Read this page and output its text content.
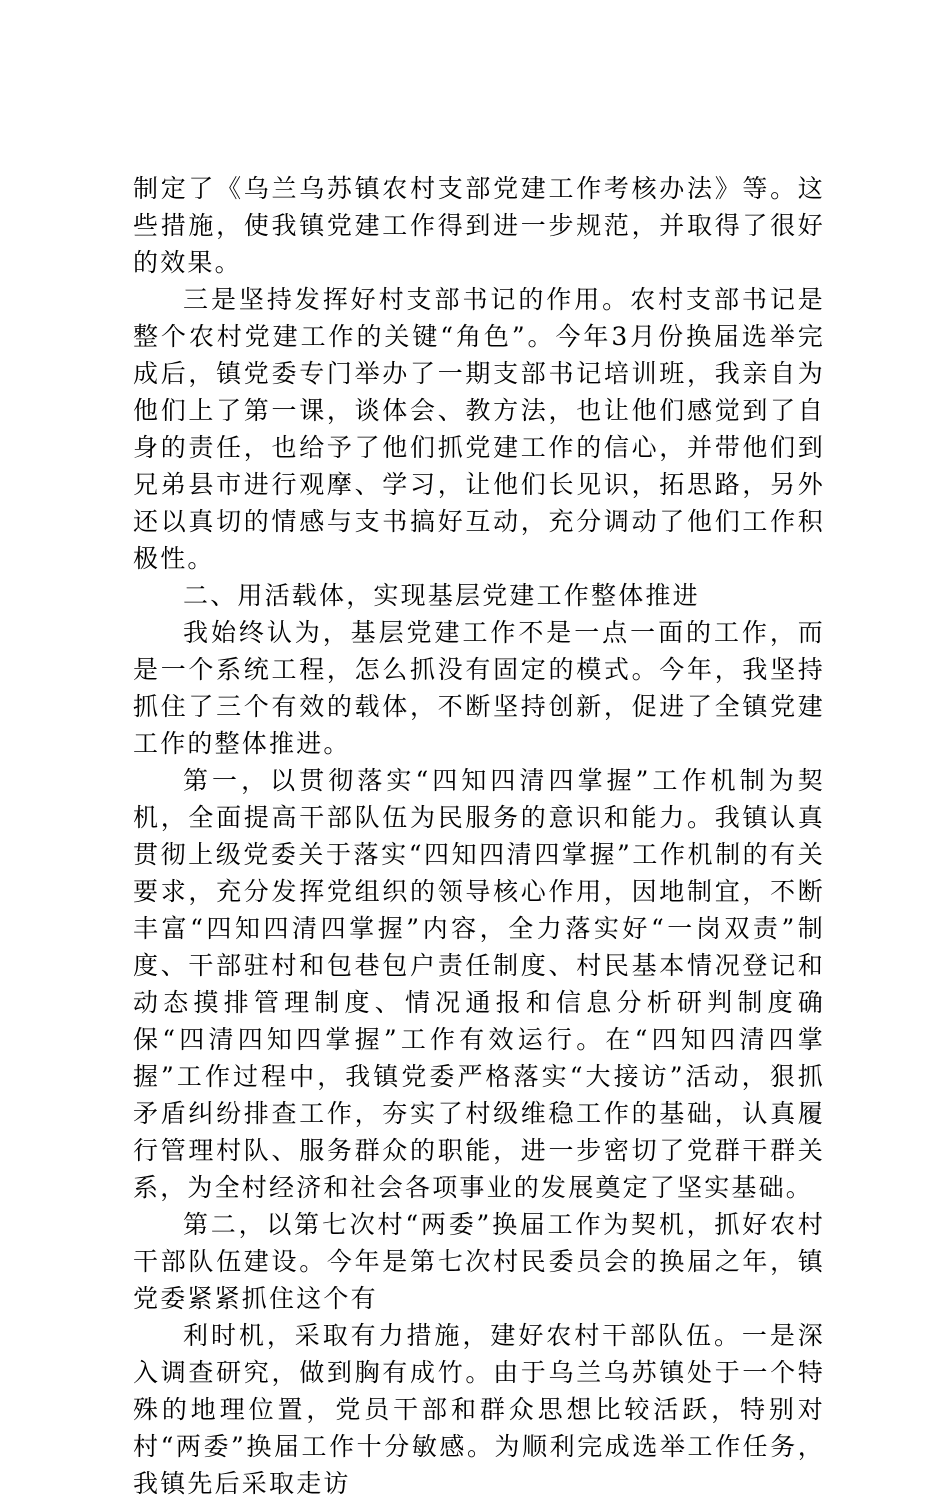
制定了《乌兰乌苏镇农村支部党建工作考核办法》等。这些措施，使我镇党建工作得到进一步规范，并取得了很好的效果。

三是坚持发挥好村支部书记的作用。农村支部书记是整个农村党建工作的关键“角色”。今年3月份换届选举完成后，镇党委专门举办了一期支部书记培训班，我亲自为他们上了第一课，谈体会、教方法，也让他们感觉到了自身的责任，也给予了他们抓党建工作的信心，并带他们到兄弟县市进行观摩、学习，让他们长见识，拓思路，另外还以真切的情感与支书搞好互动，充分调动了他们工作积极性。

二、用活载体，实现基层党建工作整体推进

我始终认为，基层党建工作不是一点一面的工作，而是一个系统工程，怎么抓没有固定的模式。今年，我坚持抓住了三个有效的载体，不断坚持创新，促进了全镇党建工作的整体推进。

第一，以贯彻落实“四知四清四掌握”工作机制为契机，全面提高干部队伍为民服务的意识和能力。我镇认真贯彻上级党委关于落实“四知四清四掌握”工作机制的有关要求，充分发挥党组织的领导核心作用，因地制宜，不断丰富“四知四清四掌握”内容，全力落实好“一岗双责”制度、干部驻村和包巷包户责任制度、村民基本情况登记和动态摸排管理制度、情况通报和信息分析研判制度确保“四清四知四掌握”工作有效运行。在“四知四清四掌握”工作过程中，我镇党委严格落实“大接访”活动，狠抓矛盾纠纷排查工作，夯实了村级维稳工作的基础，认真履行管理村队、服务群众的职能，进一步密切了党群干群关系，为全村经济和社会各项事业的发展奠定了坚实基础。

第二，以第七次村“两委”换届工作为契机，抓好农村干部队伍建设。今年是第七次村民委员会的换届之年，镇党委紧紧抓住这个有

利时机，采取有力措施，建好农村干部队伍。一是深入调查研究，做到胸有成竹。由于乌兰乌苏镇处于一个特殊的地理位置，党员干部和群众思想比较活跃，特别对村“两委”换届工作十分敏感。为顺利完成选举工作任务，我镇先后采取走访
